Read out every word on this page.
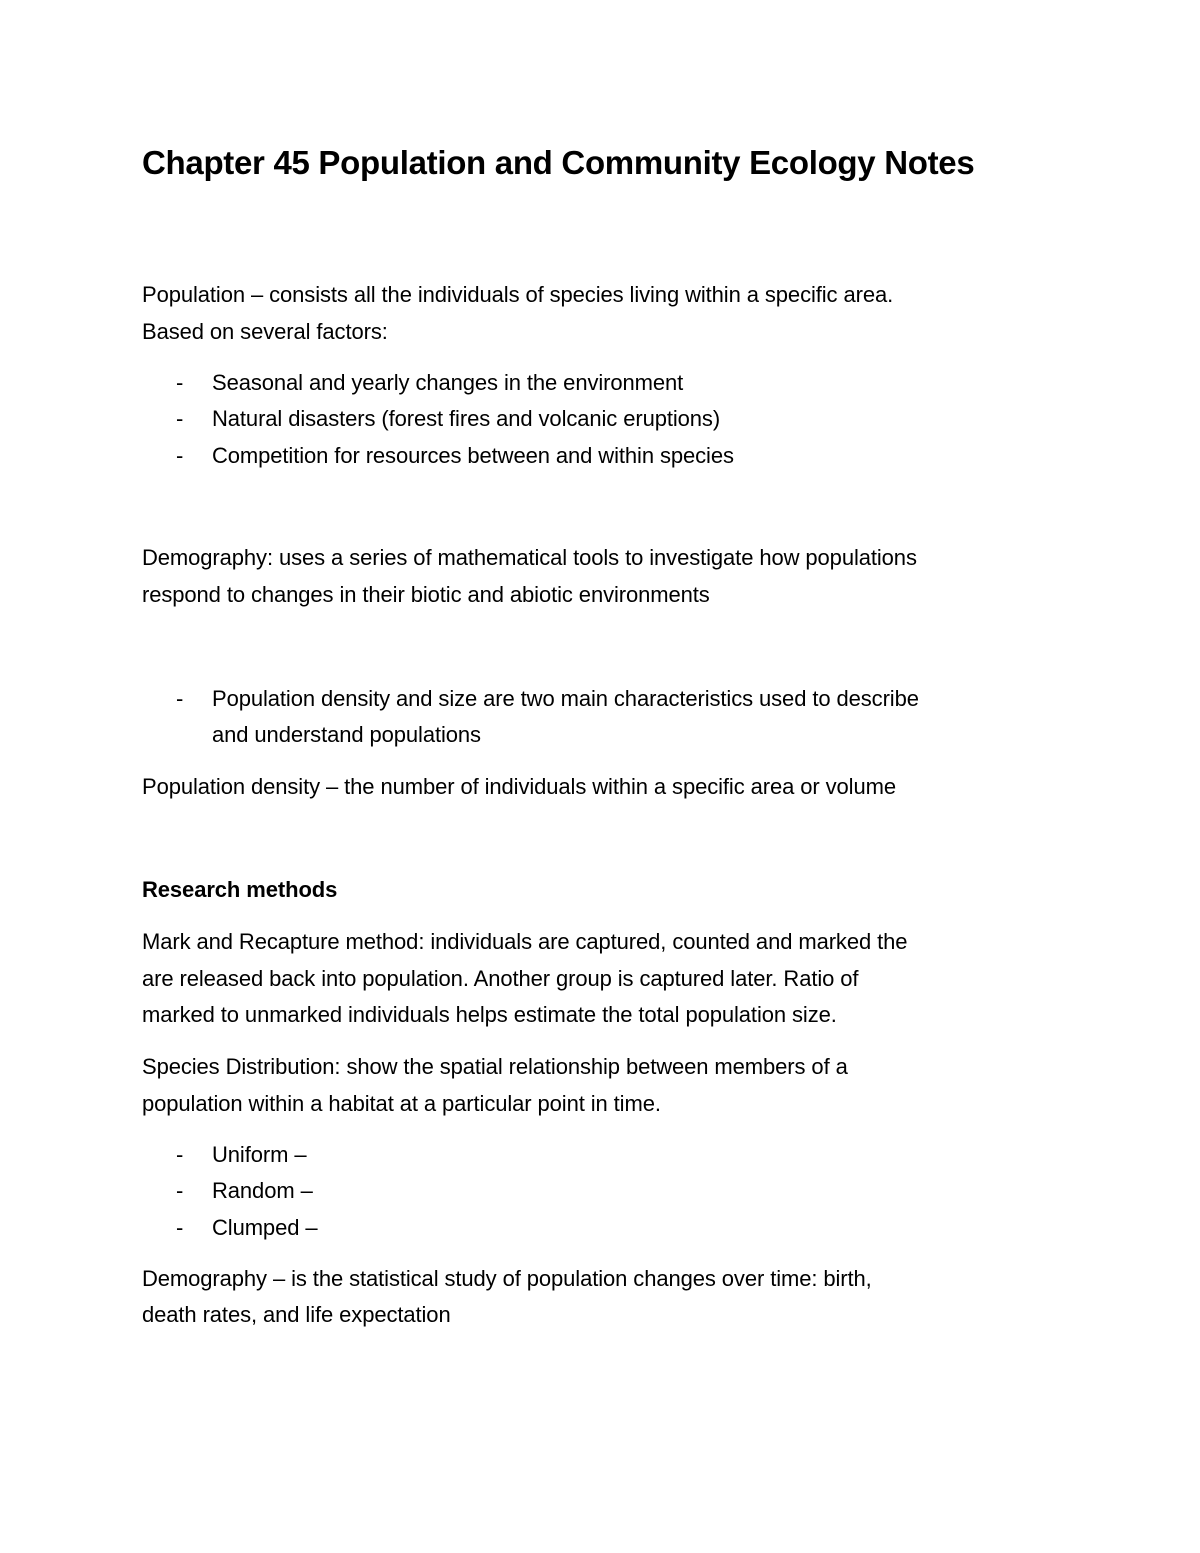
Chapter 45 Population and Community Ecology Notes
Population – consists all the individuals of species living within a specific area.
Based on several factors:
- Seasonal and yearly changes in the environment
- Natural disasters (forest fires and volcanic eruptions)
- Competition for resources between and within species
Demography: uses a series of mathematical tools to investigate how populations
respond to changes in their biotic and abiotic environments
- Population density and size are two main characteristics used to describe
and understand populations
Population density – the number of individuals within a specific area or volume
Research methods
Mark and Recapture method: individuals are captured, counted and marked the
are released back into population. Another group is captured later. Ratio of
marked to unmarked individuals helps estimate the total population size.
Species Distribution: show the spatial relationship between members of a
population within a habitat at a particular point in time.
- Uniform –
- Random –
- Clumped –
Demography – is the statistical study of population changes over time: birth,
death rates, and life expectation
